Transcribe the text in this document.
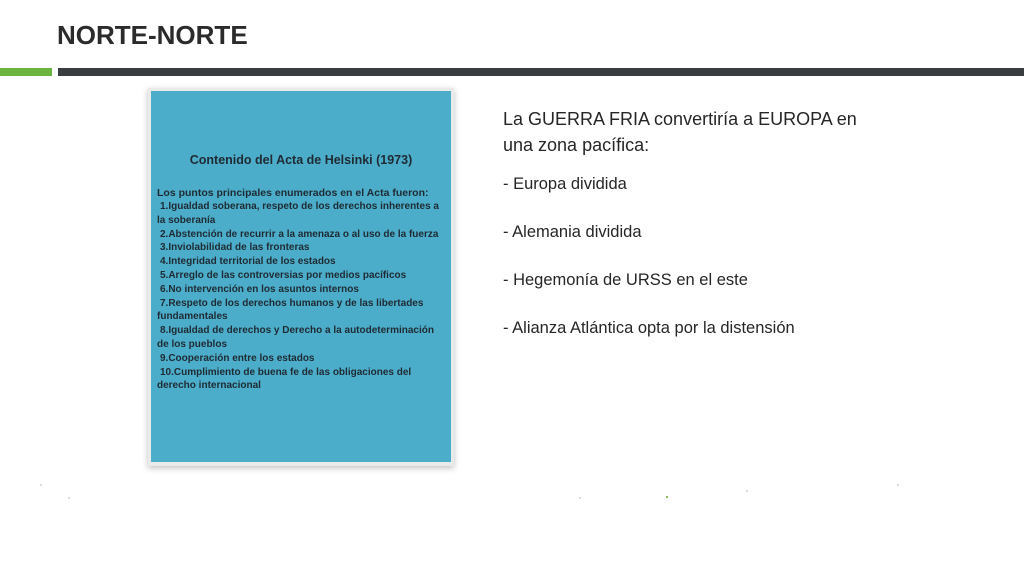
NORTE-NORTE
Contenido del Acta de Helsinki (1973)
Los puntos principales enumerados en el Acta fueron:
1.Igualdad soberana, respeto de los derechos inherentes a la soberanía
2.Abstención de recurrir a la amenaza o al uso de la fuerza
3.Inviolabilidad de las fronteras
4.Integridad territorial de los estados
5.Arreglo de las controversias por medios pacíficos
6.No intervención en los asuntos internos
7.Respeto de los derechos humanos y de las libertades fundamentales
8.Igualdad de derechos y Derecho a la autodeterminación de los pueblos
9.Cooperación entre los estados
10.Cumplimiento de buena fe de las obligaciones del derecho internacional
La GUERRA FRIA convertiría a EUROPA en una zona pacífica:
- Europa dividida
- Alemania dividida
- Hegemonía de URSS en el este
- Alianza Atlántica opta por la distensión
